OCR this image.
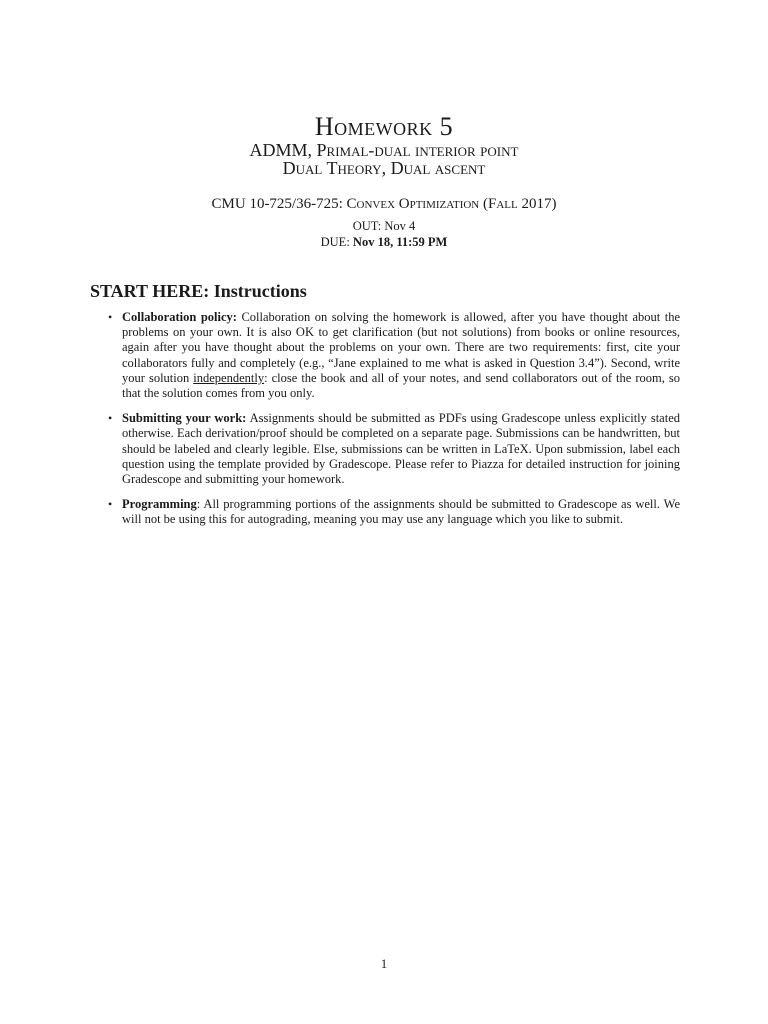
Homework 5
ADMM, Primal-dual interior point
Dual Theory, Dual ascent
CMU 10-725/36-725: Convex Optimization (Fall 2017)
OUT: Nov 4
DUE: Nov 18, 11:59 PM
START HERE: Instructions
• Collaboration policy: Collaboration on solving the homework is allowed, after you have thought about the problems on your own. It is also OK to get clarification (but not solutions) from books or online resources, again after you have thought about the problems on your own. There are two requirements: first, cite your collaborators fully and completely (e.g., “Jane explained to me what is asked in Question 3.4”). Second, write your solution independently: close the book and all of your notes, and send collaborators out of the room, so that the solution comes from you only.
• Submitting your work: Assignments should be submitted as PDFs using Gradescope unless explicitly stated otherwise. Each derivation/proof should be completed on a separate page. Submissions can be handwritten, but should be labeled and clearly legible. Else, submissions can be written in LaTeX. Upon submission, label each question using the template provided by Gradescope. Please refer to Piazza for detailed instruction for joining Gradescope and submitting your homework.
• Programming: All programming portions of the assignments should be submitted to Gradescope as well. We will not be using this for autograding, meaning you may use any language which you like to submit.
1
